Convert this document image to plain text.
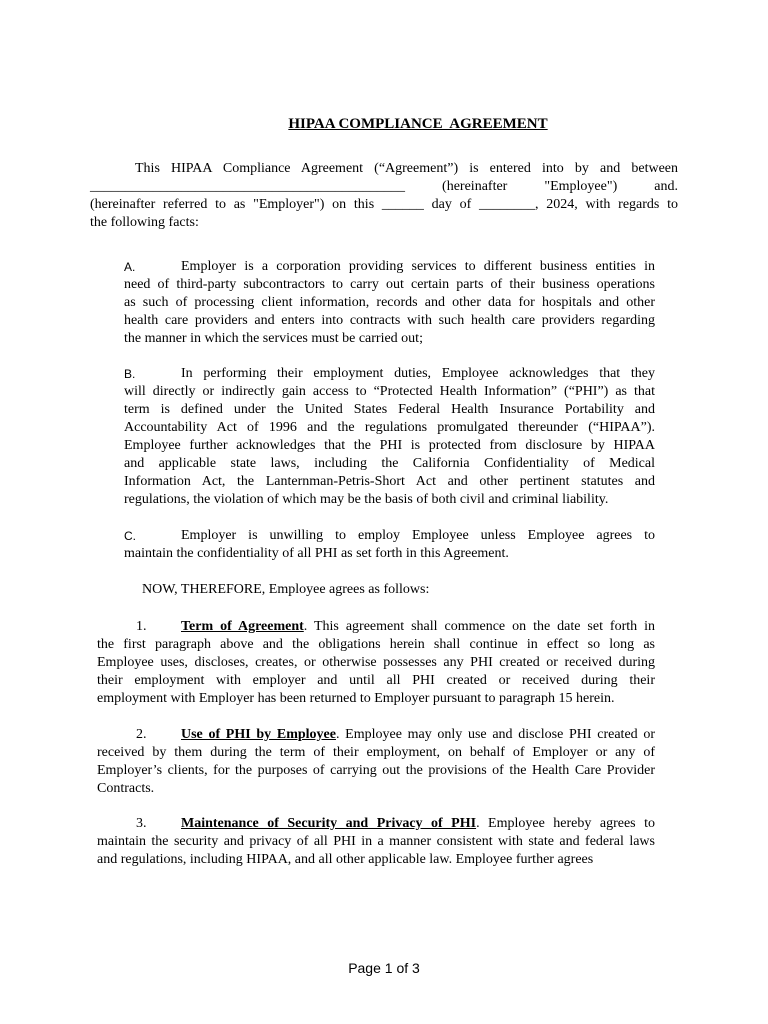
HIPAA COMPLIANCE  AGREEMENT
This HIPAA Compliance Agreement (“Agreement”) is entered into by and between
_____________________________________________	(hereinafter "Employee") and.
(hereinafter referred to as "Employer") on this ______ day of ________, 2024, with regards to
the following facts:
A.	Employer is a corporation providing services to different business entities in
need of third-party subcontractors to carry out certain parts of their business operations
as such of processing client information, records and other data for hospitals and other
health care providers and enters into contracts with such health care providers regarding
the manner in which the services must be carried out;
B.	In performing their employment duties, Employee acknowledges that they
will directly or indirectly gain access to “Protected Health Information” (“PHI”) as that
term is defined under the United States Federal Health Insurance Portability and
Accountability Act of 1996 and the regulations promulgated thereunder (“HIPAA”).
Employee further acknowledges that the PHI is protected from disclosure by HIPAA
and applicable state laws, including the California Confidentiality of Medical
Information Act, the Lanternman-Petris-Short Act and other pertinent statutes and
regulations, the violation of which may be the basis of both civil and criminal liability.
C.	Employer is unwilling to employ Employee unless Employee agrees to
maintain the confidentiality of all PHI as set forth in this Agreement.
NOW, THEREFORE, Employee agrees as follows:
1.	Term of Agreement. This agreement shall commence on the date set forth in
the first paragraph above and the obligations herein shall continue in effect so long as
Employee uses, discloses, creates, or otherwise possesses any PHI created or received during
their employment with employer and until all PHI created or received during their
employment with Employer has been returned to Employer pursuant to paragraph 15 herein.
2.	Use of PHI by Employee. Employee may only use and disclose PHI created or
received by them during the term of their employment, on behalf of Employer or any of
Employer’s clients, for the purposes of carrying out the provisions of the Health Care Provider
Contracts.
3.	Maintenance of Security and Privacy of PHI. Employee hereby agrees to
maintain the security and privacy of all PHI in a manner consistent with state and federal laws
and regulations, including HIPAA, and all other applicable law. Employee further agrees
Page 1 of 3
